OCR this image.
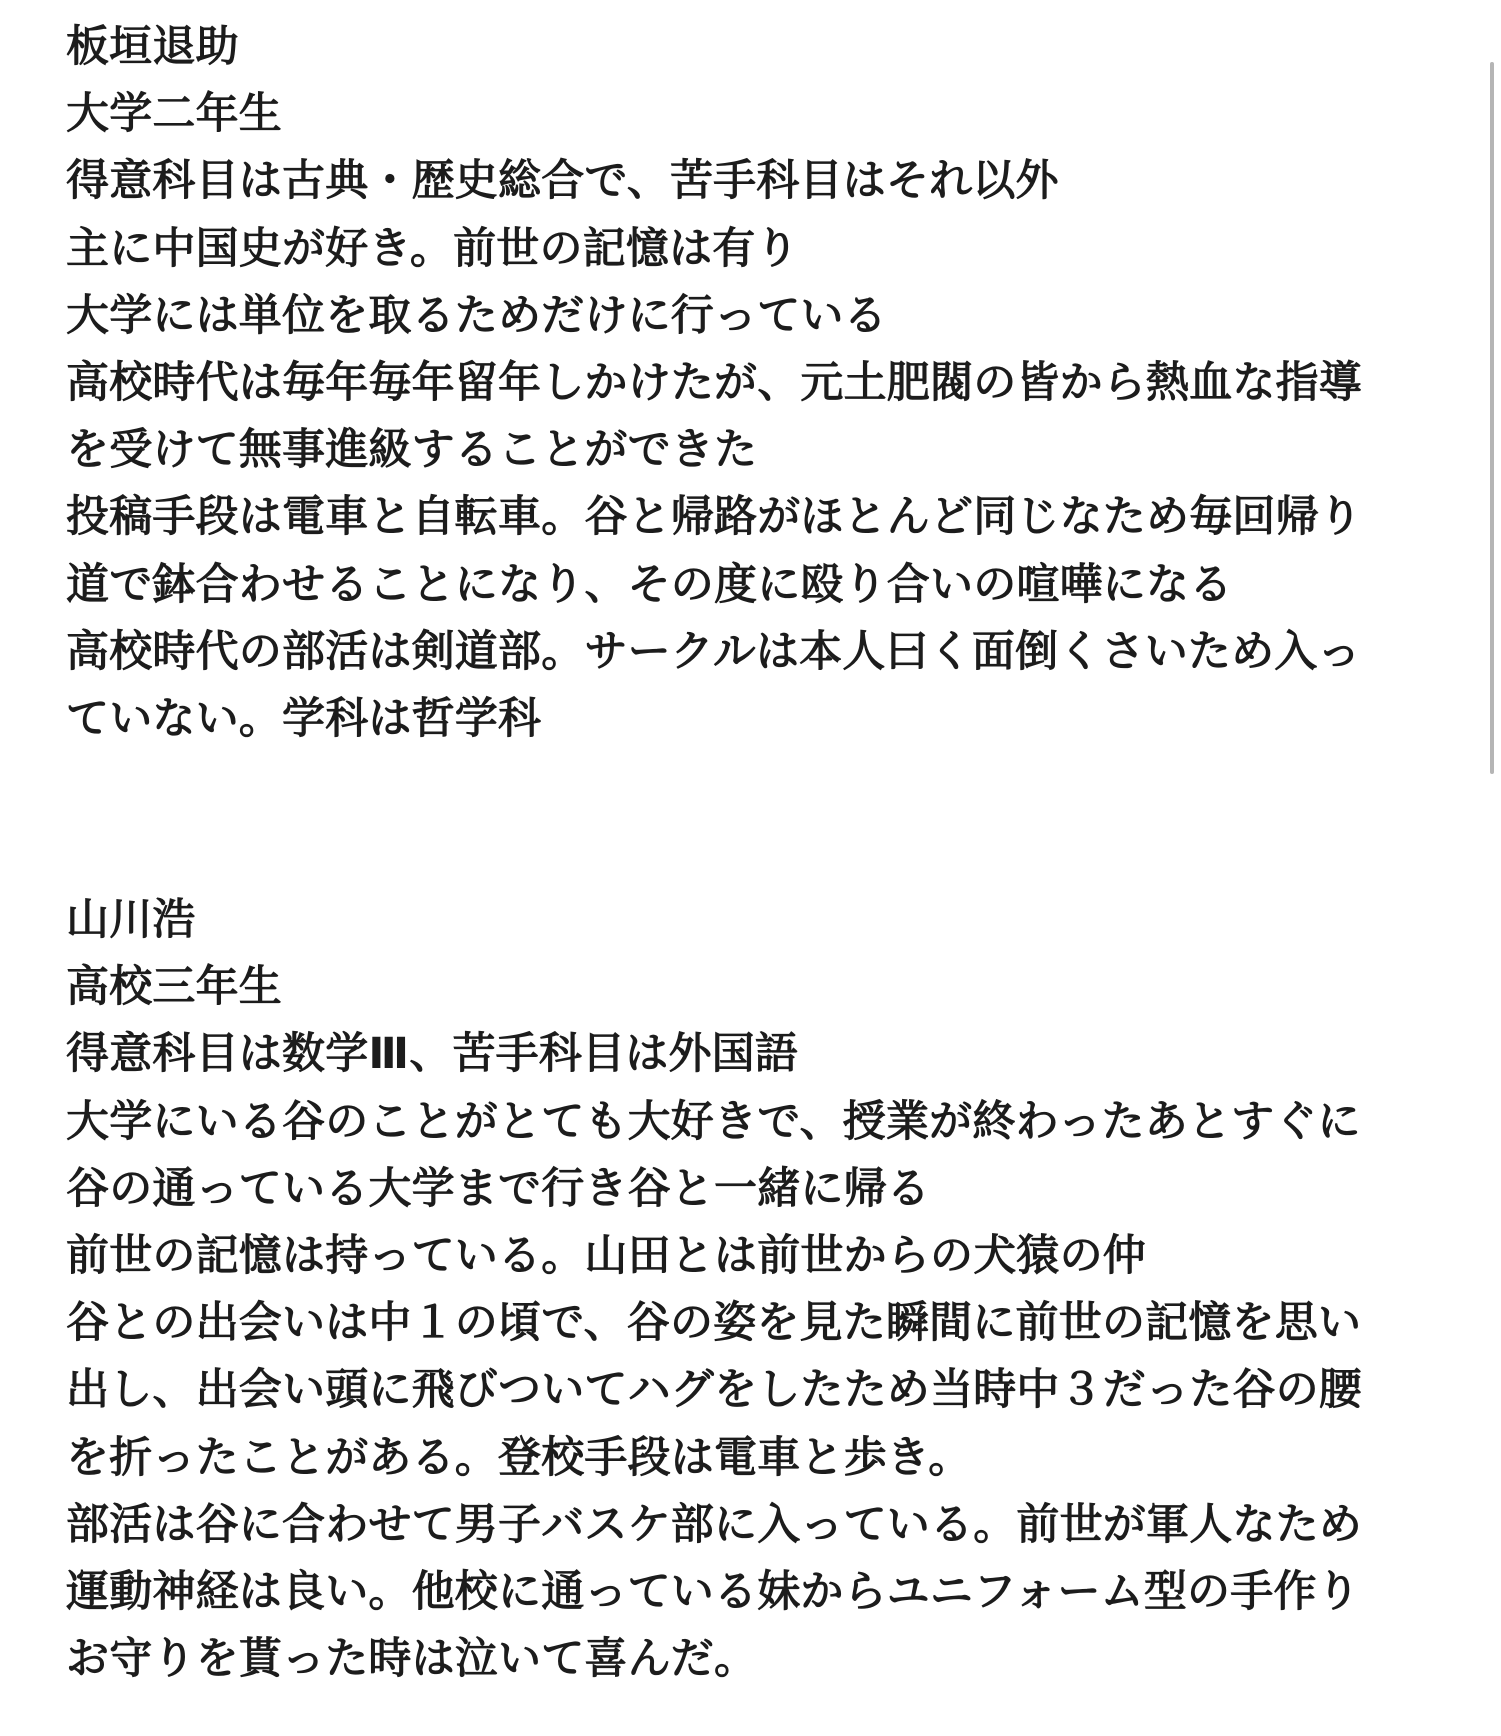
板垣退助
大学二年生
得意科目は古典・歴史総合で、苦手科目はそれ以外
主に中国史が好き。前世の記憶は有り
大学には単位を取るためだけに行っている
高校時代は毎年毎年留年しかけたが、元土肥閥の皆から熱血な指導
を受けて無事進級することができた
投稿手段は電車と自転車。谷と帰路がほとんど同じなため毎回帰り
道で鉢合わせることになり、その度に殴り合いの喧嘩になる
高校時代の部活は剣道部。サークルは本人曰く面倒くさいため入っ
ていない。学科は哲学科
山川浩
高校三年生
得意科目は数学Ⅲ、苦手科目は外国語
大学にいる谷のことがとても大好きで、授業が終わったあとすぐに
谷の通っている大学まで行き谷と一緒に帰る
前世の記憶は持っている。山田とは前世からの犬猿の仲
谷との出会いは中１の頃で、谷の姿を見た瞬間に前世の記憶を思い
出し、出会い頭に飛びついてハグをしたため当時中３だった谷の腰
を折ったことがある。登校手段は電車と歩き。
部活は谷に合わせて男子バスケ部に入っている。前世が軍人なため
運動神経は良い。他校に通っている妹からユニフォーム型の手作り
お守りを貰った時は泣いて喜んだ。
